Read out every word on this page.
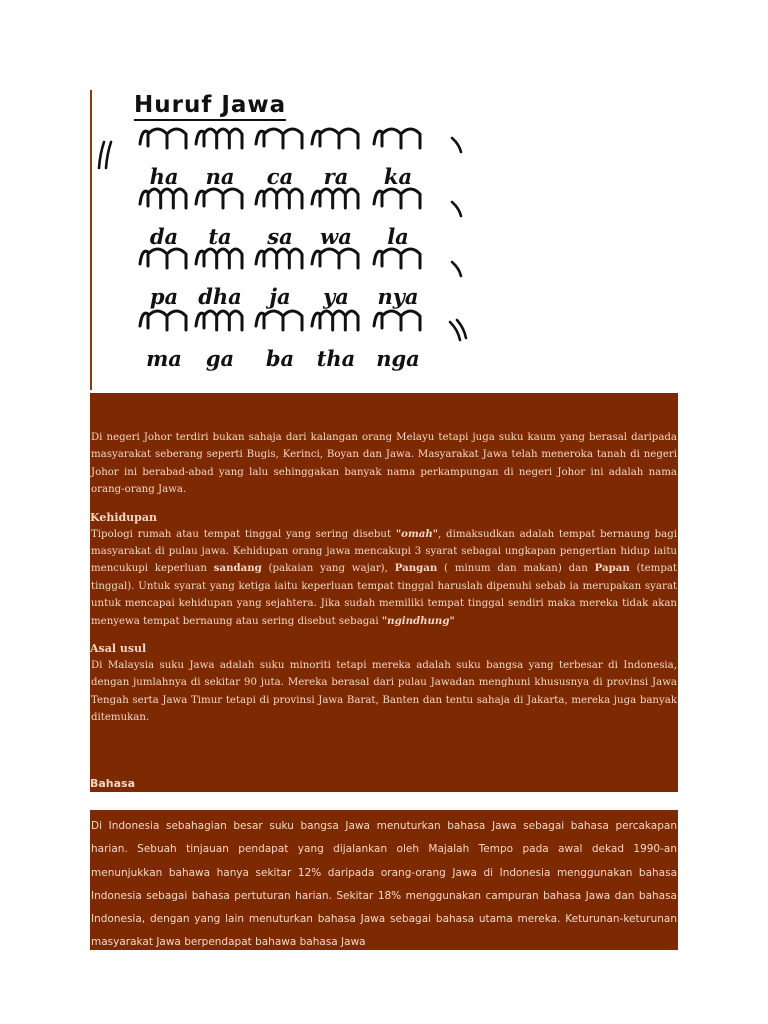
Huruf Jawa
ha na ca ra ka
da ta sa wa la
pa dha ja ya nya
ma ga ba tha nga

Di negeri Johor terdiri bukan sahaja dari kalangan orang Melayu tetapi juga suku kaum yang berasal daripada masyarakat seberang seperti Bugis, Kerinci, Boyan dan Jawa. Masyarakat Jawa telah meneroka tanah di negeri Johor ini berabad-abad yang lalu sehinggakan banyak nama perkampungan di negeri Johor ini adalah nama orang-orang Jawa.

Kehidupan

Tipologi rumah atau tempat tinggal yang sering disebut "omah", dimaksudkan adalah tempat bernaung bagi masyarakat di pulau jawa. Kehidupan orang jawa mencakupi 3 syarat sebagai ungkapan pengertian hidup iaitu mencukupi keperluan sandang (pakaian yang wajar), Pangan ( minum dan makan) dan Papan (tempat tinggal). Untuk syarat yang ketiga iaitu keperluan tempat tinggal haruslah dipenuhi sebab ia merupakan syarat untuk mencapai kehidupan yang sejahtera. Jika sudah memiliki tempat tinggal sendiri maka mereka tidak akan menyewa tempat bernaung atau sering disebut sebagai "ngindhung"

Asal usul

Di Malaysia suku Jawa adalah suku minoriti tetapi mereka adalah suku bangsa yang terbesar di Indonesia, dengan jumlahnya di sekitar 90 juta. Mereka berasal dari pulau Jawadan menghuni khususnya di provinsi Jawa Tengah serta Jawa Timur tetapi di provinsi Jawa Barat, Banten dan tentu sahaja di Jakarta, mereka juga banyak ditemukan.

Bahasa

Di Indonesia sebahagian besar suku bangsa Jawa menuturkan bahasa Jawa sebagai bahasa percakapan harian. Sebuah tinjauan pendapat yang dijalankan oleh Majalah Tempo pada awal dekad 1990-an menunjukkan bahawa hanya sekitar 12% daripada orang-orang Jawa di Indonesia menggunakan bahasa Indonesia sebagai bahasa pertuturan harian. Sekitar 18% menggunakan campuran bahasa Jawa dan bahasa Indonesia, dengan yang lain menuturkan bahasa Jawa sebagai bahasa utama mereka. Keturunan-keturunan masyarakat Jawa berpendapat bahawa bahasa Jawa
